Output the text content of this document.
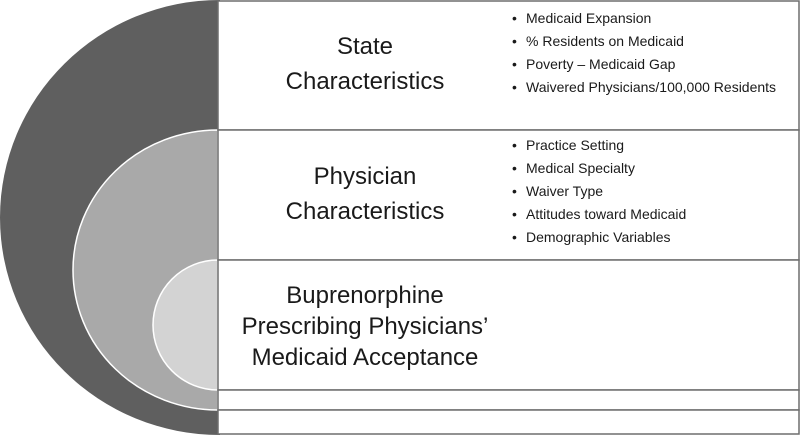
State
Characteristics
• Medicaid Expansion
• % Residents on Medicaid
• Poverty – Medicaid Gap
• Waivered Physicians/100,000 Residents
Physician
Characteristics
• Practice Setting
• Medical Specialty
• Waiver Type
• Attitudes toward Medicaid
• Demographic Variables
Buprenorphine
Prescribing Physicians’
Medicaid Acceptance
